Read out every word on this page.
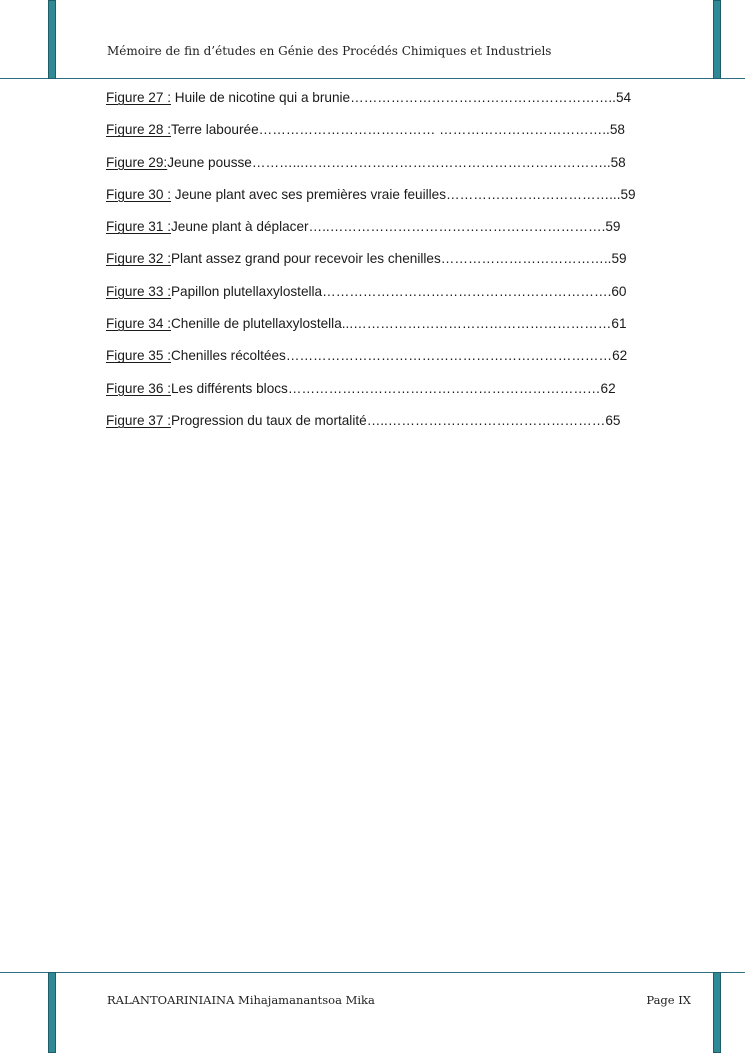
Mémoire de fin d’études en Génie des Procédés Chimiques et Industriels
Figure 27 : Huile de nicotine qui a brunie…………………………………………………..54
Figure 28 :Terre labourée………………………………… ………………………………..58
Figure 29:Jeune pousse………...…………………………………………………………..58
Figure 30 : Jeune plant avec ses premières vraie feuilles………………………………...59
Figure 31 :Jeune plant à déplacer…..…………………………………………………….59
Figure 32 :Plant assez grand pour recevoir les chenilles………………………………..59
Figure 33 :Papillon plutellaxylostella……………………………………………………….60
Figure 34 :Chenille de plutellaxylostella...…………………………………………………61
Figure 35 :Chenilles récoltées………………………………………………………………62
Figure 36 :Les différents blocs……………………………………………………………62
Figure 37 :Progression du taux de mortalité…..…………………………………………65
RALANTOARINIAINA Mihajamanantsoa Mika	Page IX
